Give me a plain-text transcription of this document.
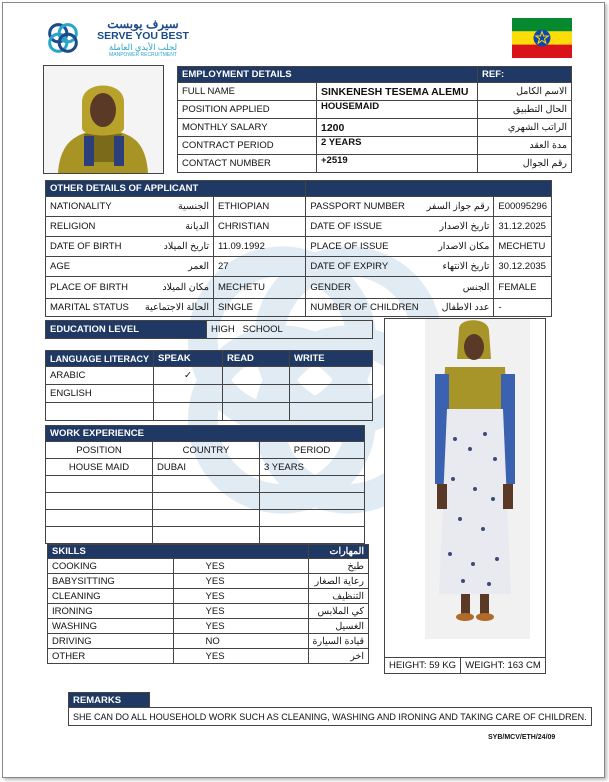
سيرف يوبست
SERVE YOU BEST
لجلب الأيدي العاملة
MANPOWER RECRUITMENT
EMPLOYMENT DETAILS		REF:
FULL NAME	SINKENESH TESEMA ALEMU	الاسم الكامل
POSITION APPLIED	HOUSEMAID	الحال التطبيق
MONTHLY SALARY	1200	الراتب الشهري
CONTRACT PERIOD	2 YEARS	مدة العقد
CONTACT NUMBER	+2519	رقم الجوال
OTHER DETAILS OF APPLICANT					
NATIONALITY	الجنسية	ETHIOPIAN	PASSPORT NUMBER	رقم جواز السفر	E00095296
RELIGION	الديانة	CHRISTIAN	DATE OF ISSUE	تاريخ الاصدار	31.12.2025
DATE OF BIRTH	تاريخ الميلاد	11.09.1992	PLACE OF ISSUE	مكان الاصدار	MECHETU
AGE	العمر	27	DATE OF EXPIRY	تاريخ الانتهاء	30.12.2035
PLACE OF BIRTH	مكان الميلاد	MECHETU	GENDER	الجنس	FEMALE
MARITAL STATUS	الحالة الاجتماعية	SINGLE	NUMBER OF CHILDREN	عدد الاطفال	-
EDUCATION LEVEL	HIGH   SCHOOL
LANGUAGE LITERACY	SPEAK	READ	WRITE
ARABIC	✓		
ENGLISH			

WORK EXPERIENCE		
POSITION	COUNTRY	PERIOD
HOUSE MAID	DUBAI	3 YEARS

SKILLS		المهارات
COOKING	YES	طبخ
BABYSITTING	YES	رعاية الصغار
CLEANING	YES	التنظيف
IRONING	YES	كي الملابس
WASHING	YES	الغسيل
DRIVING	NO	قيادة السيارة
OTHER	YES	اخر
HEIGHT: 59 KG	WEIGHT: 163 CM
REMARKS	
SHE CAN DO ALL HOUSEHOLD WORK SUCH AS CLEANING, WASHING AND IRONING AND TAKING CARE OF CHILDREN.
SYB/MCV/ETH/24/09
